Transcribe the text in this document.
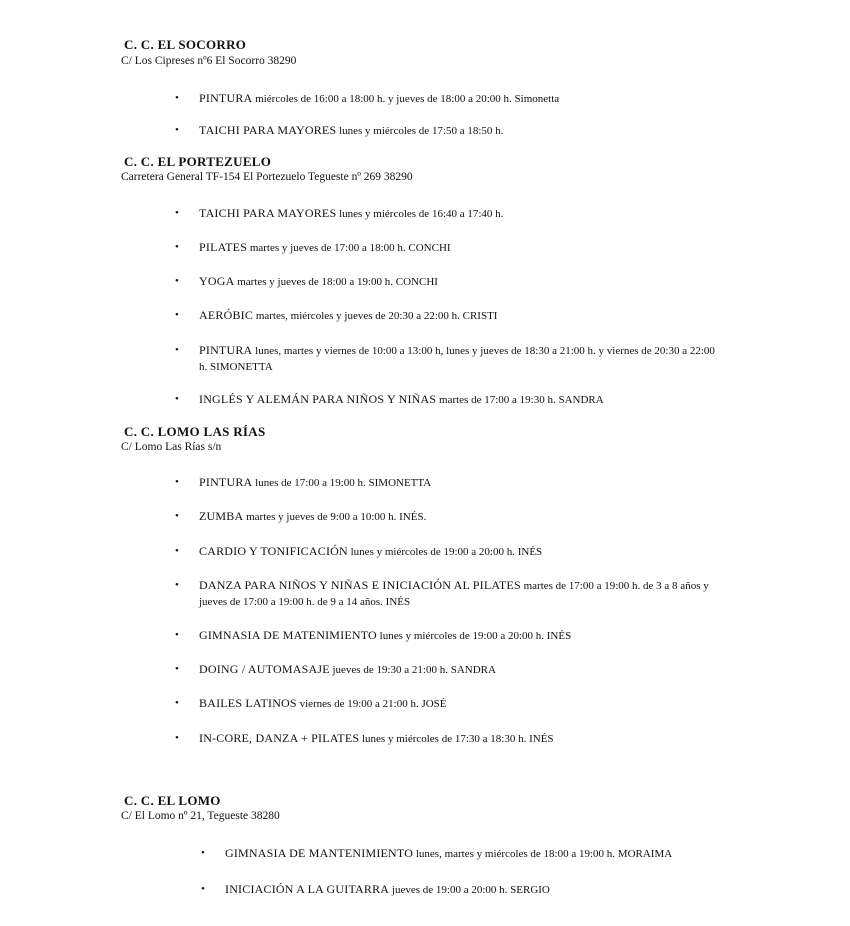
C. C. EL SOCORRO
C/ Los Cipreses nº6 El Socorro 38290
•	PINTURA miércoles de 16:00 a 18:00 h. y jueves de 18:00 a 20:00 h. Simonetta
•	TAICHI PARA MAYORES lunes y miércoles de 17:50 a 18:50 h.
C. C. EL PORTEZUELO
Carretera General TF-154 El Portezuelo Tegueste nº 269 38290
•	TAICHI PARA MAYORES lunes y miércoles de 16:40 a 17:40 h.
•	PILATES martes y jueves de 17:00 a 18:00 h. CONCHI
•	YOGA martes y jueves de 18:00 a 19:00 h. CONCHI
•	AERÓBIC martes, miércoles y jueves de 20:30 a 22:00 h. CRISTI
•	PINTURA lunes, martes y viernes de 10:00 a 13:00 h, lunes y jueves de 18:30 a 21:00 h. y viernes de 20:30 a 22:00 h. SIMONETTA
•	INGLÉS Y ALEMÁN PARA NIÑOS Y NIÑAS martes de 17:00 a 19:30 h. SANDRA
C. C. LOMO LAS RÍAS
C/ Lomo Las Rías s/n
•	PINTURA lunes de 17:00 a 19:00 h. SIMONETTA
•	ZUMBA martes y jueves de 9:00 a 10:00 h. INÉS.
•	CARDIO Y TONIFICACIÓN lunes y miércoles de 19:00 a 20:00 h. INÉS
•	DANZA PARA NIÑOS Y NIÑAS E INICIACIÓN AL PILATES martes de 17:00 a 19:00 h. de 3 a 8 años y jueves de 17:00 a 19:00 h. de 9 a 14 años. INÉS
•	GIMNASIA DE MATENIMIENTO lunes y miércoles de 19:00 a 20:00 h. INÉS
•	DOING / AUTOMASAJE jueves de 19:30 a 21:00 h. SANDRA
•	BAILES LATINOS viernes de 19:00 a 21:00 h. JOSÉ
•	IN-CORE, DANZA + PILATES lunes y miércoles de 17:30 a 18:30 h. INÉS
C. C. EL LOMO
C/ El Lomo nº 21, Tegueste 38280
•	GIMNASIA DE MANTENIMIENTO lunes, martes y miércoles de 18:00 a 19:00 h. MORAIMA
•	INICIACIÓN A LA GUITARRA jueves de 19:00 a 20:00 h. SERGIO
